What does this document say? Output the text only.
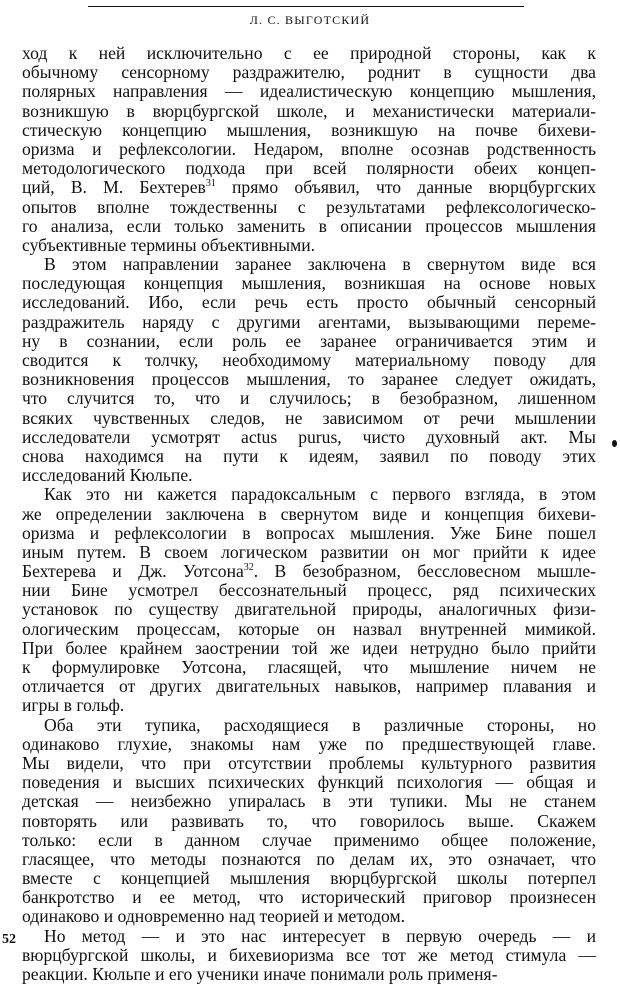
Л. С. ВЫГОТСКИЙ
ход к ней исключительно с ее природной стороны, как к
обычному сенсорному раздражителю, роднит в сущности два
полярных направления — идеалистическую концепцию мышления,
возникшую в вюрцбургской школе, и механистически материали-
стическую концепцию мышления, возникшую на почве бихеви-
оризма и рефлексологии. Недаром, вполне осознав родственность
методологического подхода при всей полярности обеих концеп-
ций, В. М. Бехтерев$^{31}$ прямо объявил, что данные вюрцбургских
опытов вполне тождественны с результатами рефлексологическо-
го анализа, если только заменить в описании процессов мышления
субъективные термины объективными.
В этом направлении заранее заключена в свернутом виде вся
последующая концепция мышления, возникшая на основе новых
исследований. Ибо, если речь есть просто обычный сенсорный
раздражитель наряду с другими агентами, вызывающими переме-
ну в сознании, если роль ее заранее ограничивается этим и
сводится к толчку, необходимому материальному поводу для
возникновения процессов мышления, то заранее следует ожидать,
что случится то, что и случилось; в безобразном, лишенном
всяких чувственных следов, не зависимом от речи мышлении
исследователи усмотрят actus purus, чисто духовный акт. Мы
снова находимся на пути к идеям, заявил по поводу этих
исследований Кюльпе.
Как это ни кажется парадоксальным с первого взгляда, в этом
же определении заключена в свернутом виде и концепция бихеви-
оризма и рефлексологии в вопросах мышления. Уже Бине пошел
иным путем. В своем логическом развитии он мог прийти к идее
Бехтерева и Дж. Уотсона$^{32}$. В безобразном, бессловесном мышле-
нии Бине усмотрел бессознательный процесс, ряд психических
установок по существу двигательной природы, аналогичных физи-
ологическим процессам, которые он назвал внутренней мимикой.
При более крайнем заострении той же идеи нетрудно было прийти
к формулировке Уотсона, гласящей, что мышление ничем не
отличается от других двигательных навыков, например плавания и
игры в гольф.
Оба эти тупика, расходящиеся в различные стороны, но
одинаково глухие, знакомы нам уже по предшествующей главе.
Мы видели, что при отсутствии проблемы культурного развития
поведения и высших психических функций психология — общая и
детская — неизбежно упиралась в эти тупики. Мы не станем
повторять или развивать то, что говорилось выше. Скажем
только: если в данном случае применимо общее положение,
гласящее, что методы познаются по делам их, это означает, что
вместе с концепцией мышления вюрцбургской школы потерпел
банкротство и ее метод, что исторический приговор произнесен
одинаково и одновременно над теорией и методом.
Но метод — и это нас интересует в первую очередь — и
вюрцбургской школы, и бихевиоризма все тот же метод стимула —
реакции. Кюльпе и его ученики иначе понимали роль применя-
52
